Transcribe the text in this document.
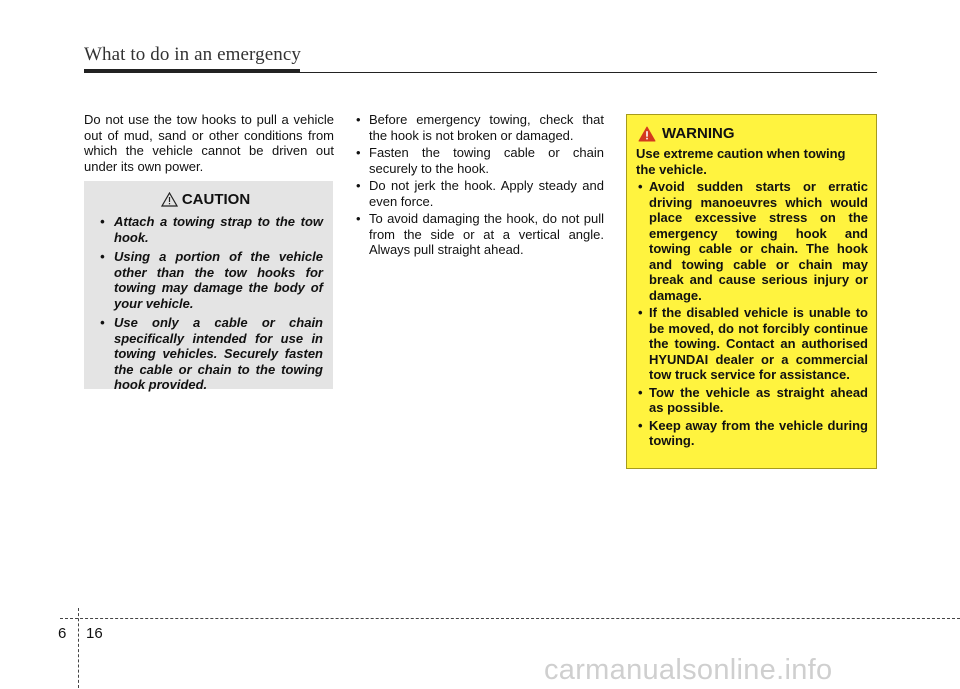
What to do in an emergency

Do not use the tow hooks to pull a vehicle out of mud, sand or other conditions from which the vehicle cannot be driven out under its own power.

CAUTION
• Attach a towing strap to the tow hook.
• Using a portion of the vehicle other than the tow hooks for towing may damage the body of your vehicle.
• Use only a cable or chain specifically intended for use in towing vehicles. Securely fasten the cable or chain to the towing hook provided.
• Before emergency towing, check that the hook is not broken or damaged.
• Fasten the towing cable or chain securely to the hook.
• Do not jerk the hook. Apply steady and even force.
• To avoid damaging the hook, do not pull from the side or at a vertical angle. Always pull straight ahead.
WARNING

Use extreme caution when towing the vehicle.

• Avoid sudden starts or erratic driving manoeuvres which would place excessive stress on the emergency towing hook and towing cable or chain. The hook and towing cable or chain may break and cause serious injury or damage.
• If the disabled vehicle is unable to be moved, do not forcibly continue the towing. Contact an authorised HYUNDAI dealer or a commercial tow truck service for assistance.
• Tow the vehicle as straight ahead as possible.
• Keep away from the vehicle during towing.
6 16
carmanualsonline.info
